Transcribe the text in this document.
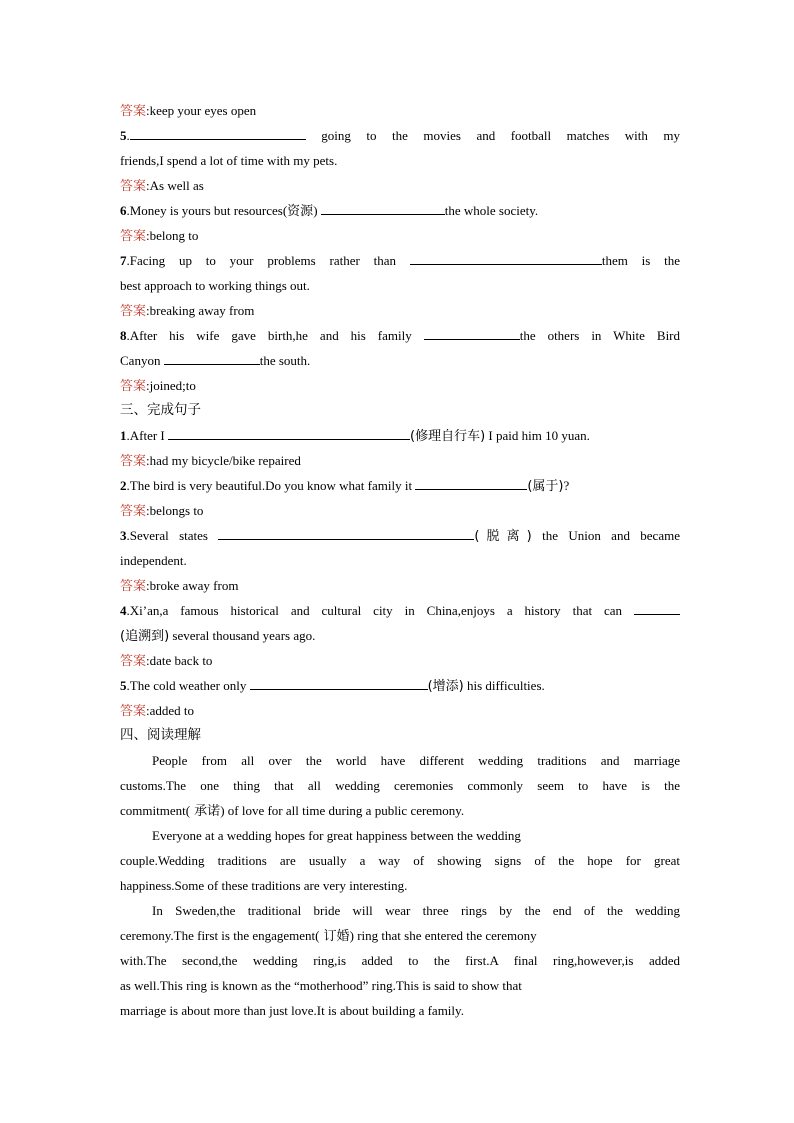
答案:keep your eyes open
5.	going to the movies and football matches with my
friends,I spend a lot of time with my pets.
答案:As well as
6.Money is yours but resources(资源)	the whole society.
答案:belong to
7.Facing up to your problems rather than	them is the
best approach to working things out.
答案:breaking away from
8.After his wife gave birth,he and his family	the others in White Bird
Canyon	the south.
答案:joined;to
三、完成句子
1.After I	(修理自行车) I paid him 10 yuan.
答案:had my bicycle/bike repaired
2.The bird is very beautiful.Do you know what family it	(属于)?
答案:belongs to
3.Several states	(脱离) the Union and became
independent.
答案:broke away from
4.Xi’an,a famous historical and cultural city in China,enjoys a history that can
(追溯到) several thousand years ago.
答案:date back to
5.The cold weather only	(增添) his difficulties.
答案:added to
四、阅读理解
People from all over the world have different wedding traditions and marriage
customs.The one thing that all wedding ceremonies commonly seem to have is the
commitment( 承诺) of love for all time during a public ceremony.
Everyone at a wedding hopes for great happiness between the wedding
couple.Wedding traditions are usually a way of showing signs of the hope for great
happiness.Some of these traditions are very interesting.
In Sweden,the traditional bride will wear three rings by the end of the wedding
ceremony.The first is the engagement( 订婚) ring that she entered the ceremony
with.The second,the wedding ring,is added to the first.A final ring,however,is added
as well.This ring is known as the “motherhood” ring.This is said to show that
marriage is about more than just love.It is about building a family.
